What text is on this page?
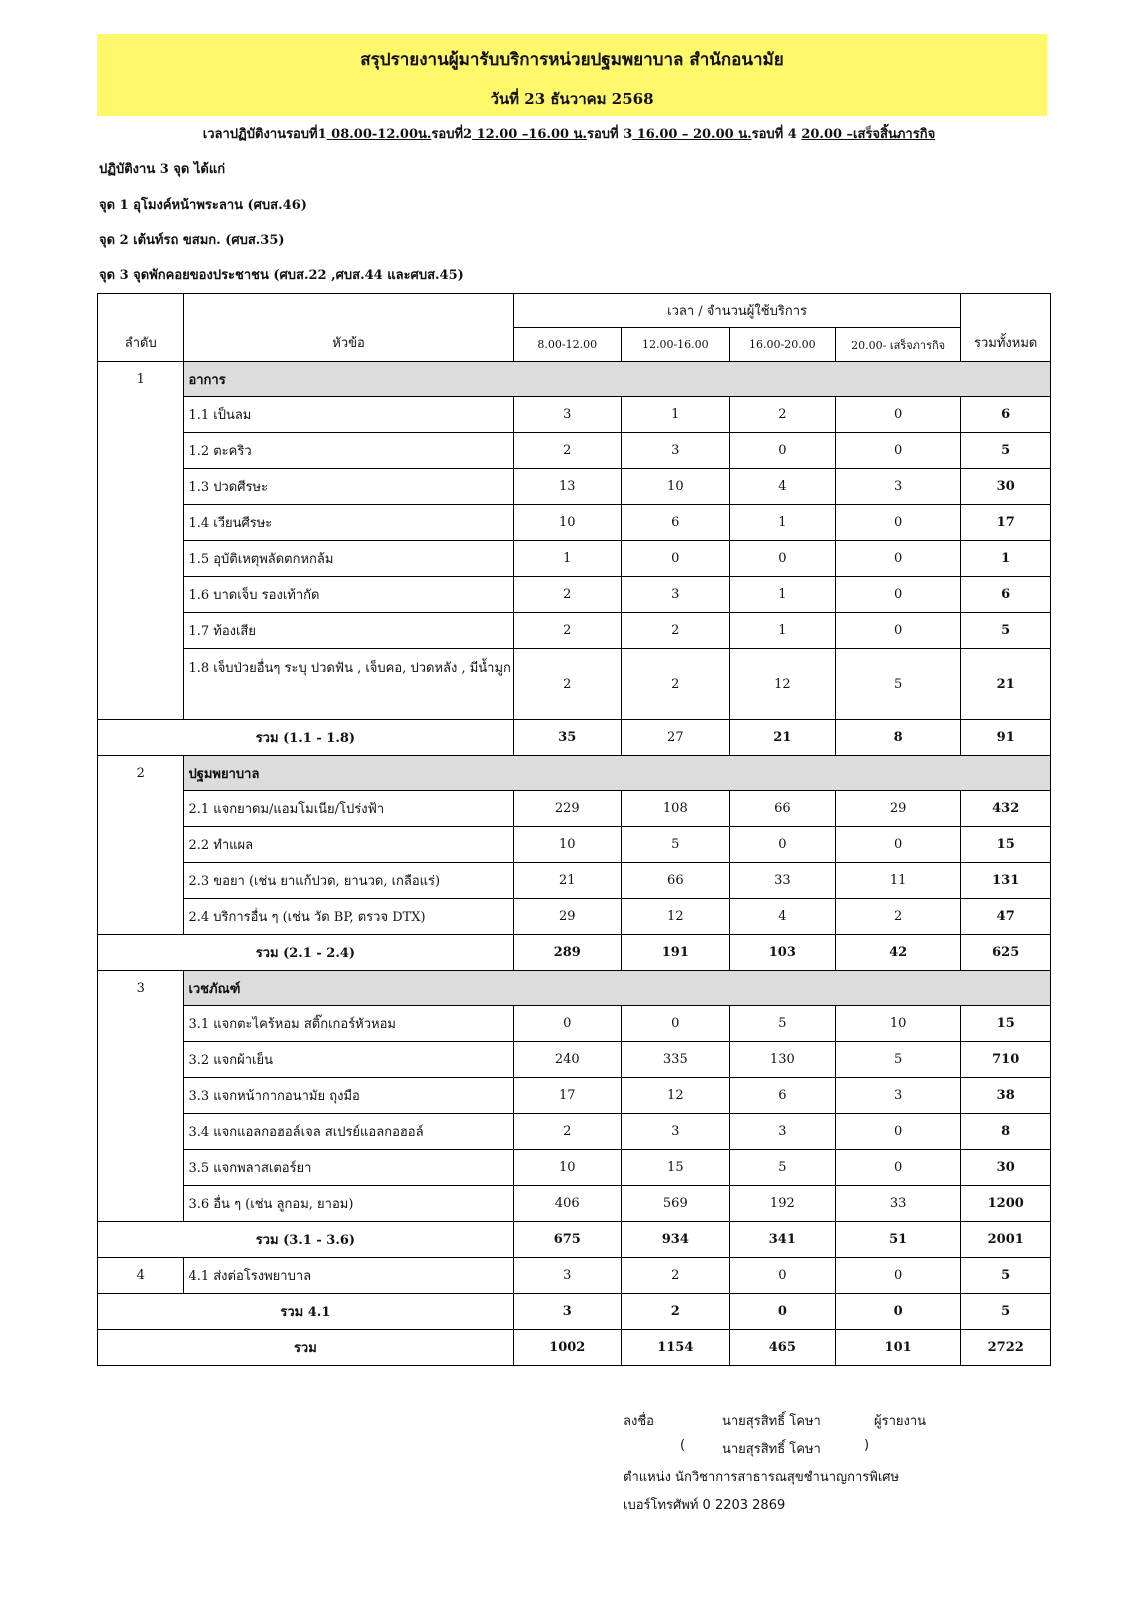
สรุปรายงานผู้มารับบริการหน่วยปฐมพยาบาล สำนักอนามัย
วันที่ 23 ธันวาคม 2568
เวลาปฏิบัติงานรอบที่1 08.00-12.00น.รอบที่2 12.00 –16.00 น.รอบที่ 3 16.00 – 20.00 น.รอบที่ 4 20.00 –เสร็จสิ้นภารกิจ
ปฏิบัติงาน 3 จุด ได้แก่
จุด 1 อุโมงค์หน้าพระลาน (ศบส.46)
จุด 2 เต้นท์รถ ขสมก. (ศบส.35)
จุด 3 จุดพักคอยของประชาชน (ศบส.22 ,ศบส.44 และศบส.45)
ลำดับ	หัวข้อ	เวลา / จำนวนผู้ใช้บริการ				รวมทั้งหมด
		8.00-12.00	12.00-16.00	16.00-20.00	20.00- เสร็จภารกิจ	
1	อาการ					
	1.1 เป็นลม	3	1	2	0	6
	1.2 ตะคริว	2	3	0	0	5
	1.3 ปวดศีรษะ	13	10	4	3	30
	1.4 เวียนศีรษะ	10	6	1	0	17
	1.5 อุบัติเหตุพลัดตกหกล้ม	1	0	0	0	1
	1.6 บาดเจ็บ รองเท้ากัด	2	3	1	0	6
	1.7 ท้องเสีย	2	2	1	0	5
	1.8 เจ็บป่วยอื่นๆ ระบุ ปวดฟัน , เจ็บคอ, ปวดหลัง , มีน้ำมูก	2	2	12	5	21
รวม (1.1 - 1.8)		35	27	21	8	91
2	ปฐมพยาบาล					
	2.1 แจกยาดม/แอมโมเนีย/โปร่งฟ้า	229	108	66	29	432
	2.2 ทำแผล	10	5	0	0	15
	2.3 ขอยา (เช่น ยาแก้ปวด, ยานวด, เกลือแร่)	21	66	33	11	131
	2.4 บริการอื่น ๆ (เช่น วัด BP, ตรวจ DTX)	29	12	4	2	47
รวม (2.1 - 2.4)		289	191	103	42	625
3	เวชภัณฑ์					
	3.1 แจกตะไคร้หอม สติ๊กเกอร์หัวหอม	0	0	5	10	15
	3.2 แจกผ้าเย็น	240	335	130	5	710
	3.3 แจกหน้ากากอนามัย ถุงมือ	17	12	6	3	38
	3.4 แจกแอลกอฮอล์เจล สเปรย์แอลกอฮอล์	2	3	3	0	8
	3.5 แจกพลาสเตอร์ยา	10	15	5	0	30
	3.6 อื่น ๆ (เช่น ลูกอม, ยาอม)	406	569	192	33	1200
รวม (3.1 - 3.6)		675	934	341	51	2001
4	4.1 ส่งต่อโรงพยาบาล	3	2	0	0	5
รวม 4.1		3	2	0	0	5
รวม		1002	1154	465	101	2722
ลงชื่อ	นายสุรสิทธิ์ โคษา	ผู้รายงาน
(	นายสุรสิทธิ์ โคษา	)
ตำแหน่ง นักวิชาการสาธารณสุขชำนาญการพิเศษ
เบอร์โทรศัพท์ 0 2203 2869
